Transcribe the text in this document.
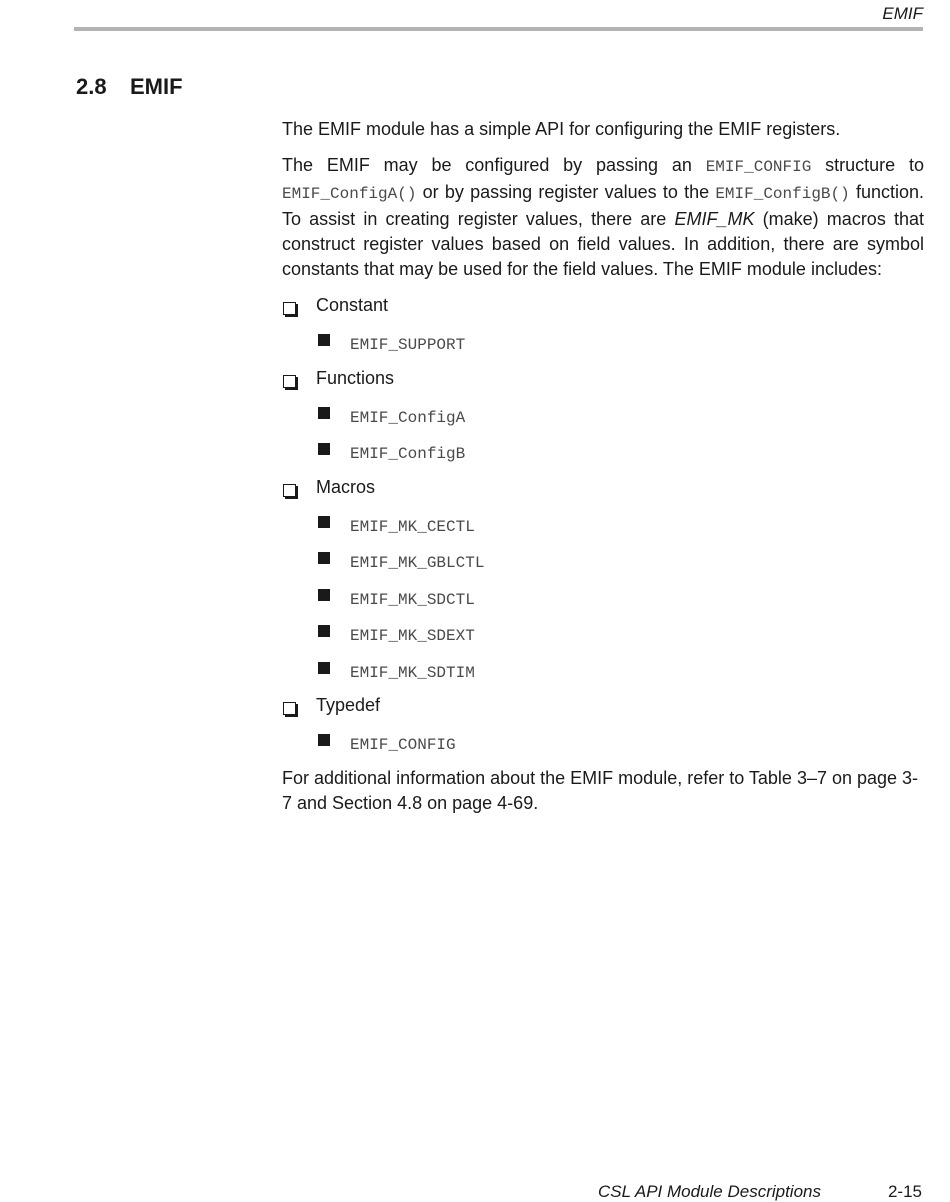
EMIF
2.8 EMIF

The EMIF module has a simple API for configuring the EMIF registers.

The EMIF may be configured by passing an EMIF_CONFIG structure to EMIF_ConfigA() or by passing register values to the EMIF_ConfigB() function. To assist in creating register values, there are EMIF_MK (make) macros that construct register values based on field values. In addition, there are symbol constants that may be used for the field values. The EMIF module includes:

Constant
EMIF_SUPPORT
Functions
EMIF_ConfigA
EMIF_ConfigB
Macros
EMIF_MK_CECTL
EMIF_MK_GBLCTL
EMIF_MK_SDCTL
EMIF_MK_SDEXT
EMIF_MK_SDTIM
Typedef
EMIF_CONFIG

For additional information about the EMIF module, refer to Table 3–7 on page 3-7 and Section 4.8 on page 4-69.

CSL API Module Descriptions	2-15
